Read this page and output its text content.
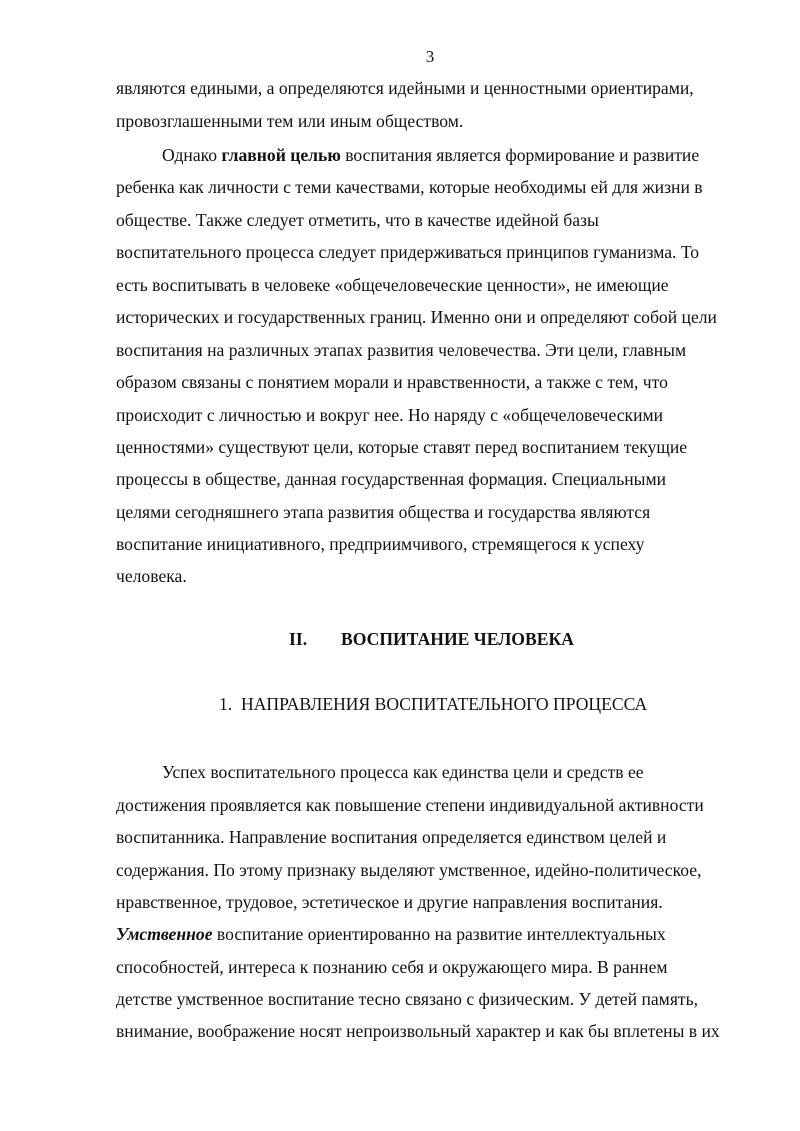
3
являются едиными, а определяются идейными и ценностными ориентирами,
провозглашенными тем или иным обществом.
Однако главной целью воспитания является формирование и развитие
ребенка как личности с теми качествами, которые необходимы ей для жизни в
обществе. Также следует отметить, что в качестве идейной базы
воспитательного процесса следует придерживаться принципов гуманизма. То
есть воспитывать в человеке «общечеловеческие ценности», не имеющие
исторических и государственных границ. Именно они и определяют собой цели
воспитания на различных этапах развития человечества. Эти цели, главным
образом связаны с понятием морали и нравственности, а также с тем, что
происходит с личностью и вокруг нее. Но наряду с «общечеловеческими
ценностями» существуют цели, которые ставят перед воспитанием текущие
процессы в обществе, данная государственная формация. Специальными
целями сегодняшнего этапа развития общества и государства являются
воспитание инициативного, предприимчивого, стремящегося к успеху
человека.
II. ВОСПИТАНИЕ ЧЕЛОВЕКА
1. НАПРАВЛЕНИЯ ВОСПИТАТЕЛЬНОГО ПРОЦЕССА
Успех воспитательного процесса как единства цели и средств ее
достижения проявляется как повышение степени индивидуальной активности
воспитанника. Направление воспитания определяется единством целей и
содержания. По этому признаку выделяют умственное, идейно-политическое,
нравственное, трудовое, эстетическое и другие направления воспитания.
Умственное воспитание ориентированно на развитие интеллектуальных
способностей, интереса к познанию себя и окружающего мира. В раннем
детстве умственное воспитание тесно связано с физическим. У детей память,
внимание, воображение носят непроизвольный характер и как бы вплетены в их
